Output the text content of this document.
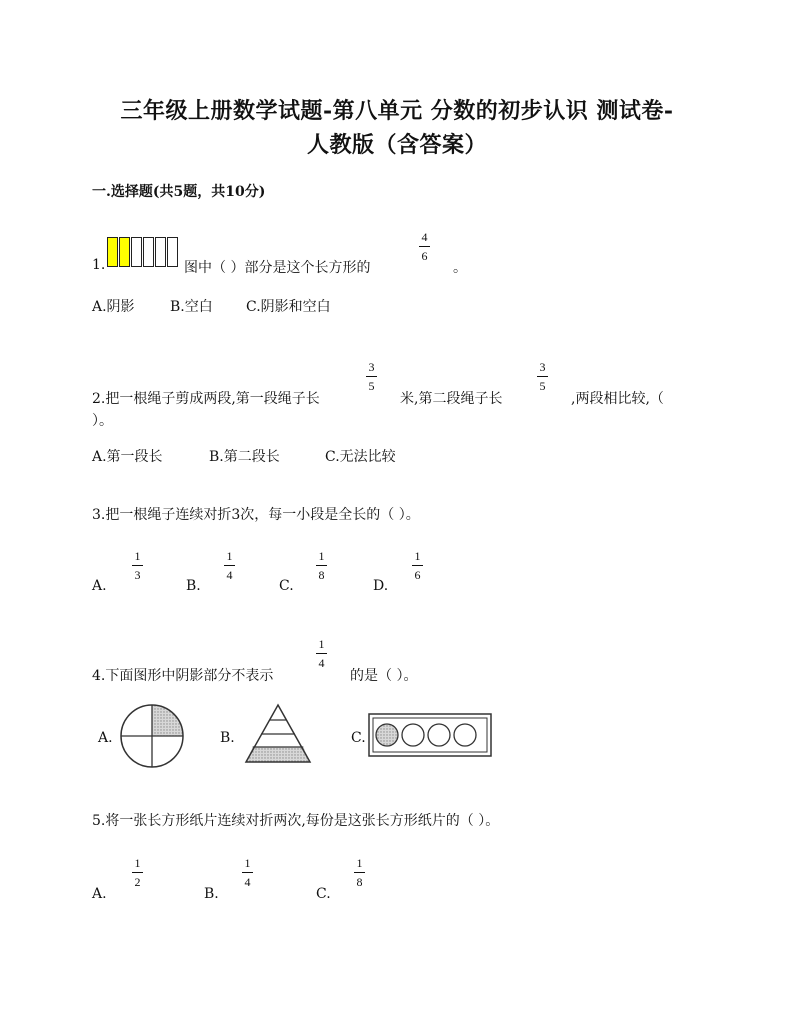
三年级上册数学试题-第八单元 分数的初步认识 测试卷-
人教版（含答案）
一.选择题(共5题，共10分)
1.	图中（ ）部分是这个长方形的
4
6
。
A.阴影	B.空白 C.阴影和空白
2.把一根绳子剪成两段,第一段绳子长
3
5
米,第二段绳子长
3
5
,两段相比较,（
）。
A.第一段长	B.第二段长	C.无法比较
3.把一根绳子连续对折3次，每一小段是全长的（ ）。
A.
1
3
B.
1
4
C.
1
8
D.
1
6
4.下面图形中阴影部分不表示
1
4
的是（ ）。
A.	B.	C.
5.将一张长方形纸片连续对折两次,每份是这张长方形纸片的（ ）。
A.
1
2
B.
1
4
C.
1
8
